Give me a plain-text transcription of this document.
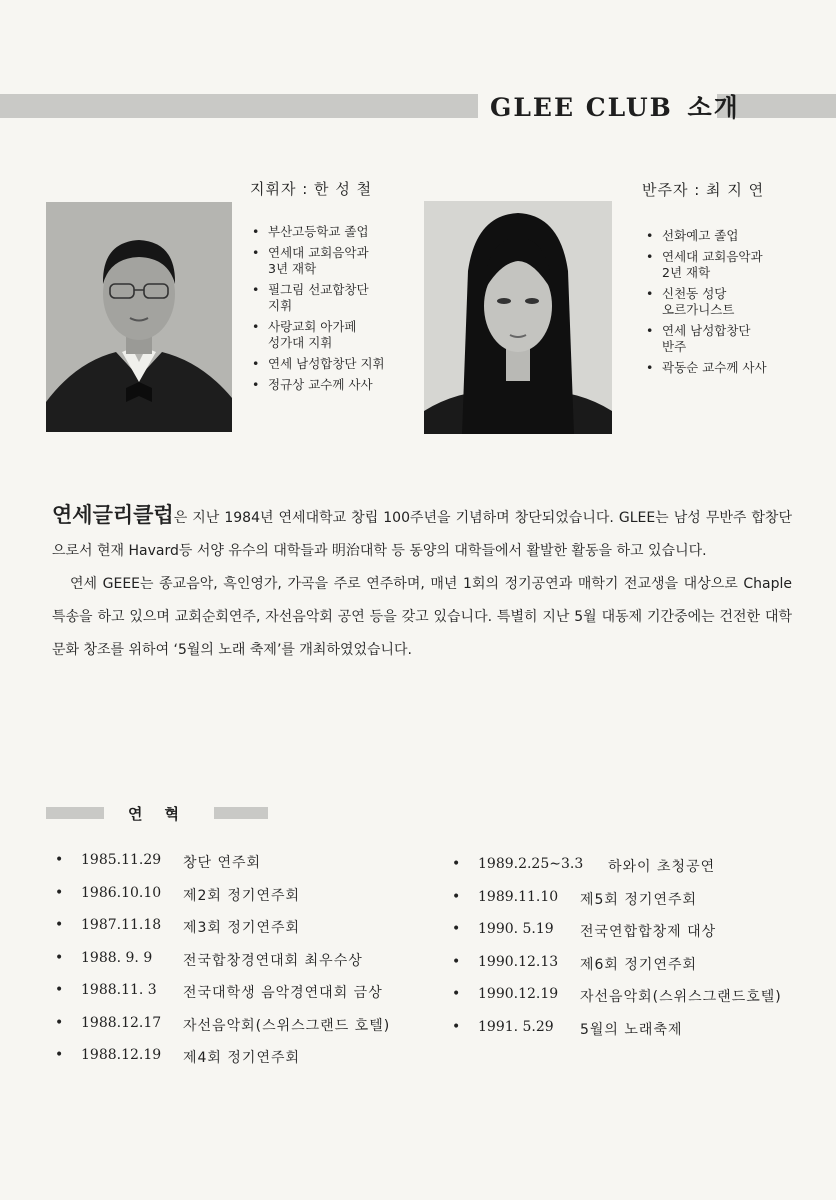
GLEE CLUB 소개
지휘자 : 한 성 철
• 부산고등학교 졸업
• 연세대 교회음악과
3년 재학
• 필그림 선교합창단
지휘
• 사랑교회 아가페
성가대 지휘
• 연세 남성합창단 지휘
• 정규상 교수께 사사
반주자 : 최 지 연
• 선화예고 졸업
• 연세대 교회음악과
2년 재학
• 신천동 성당
오르가니스트
• 연세 남성합창단
반주
• 곽동순 교수께 사사

연세글리클럽은 지난 1984년 연세대학교 창립 100주년을 기념하며 창단되었습니다. GLEE는 남성 무반주 합창단으로서 현재 Havard등 서양 유수의 대학들과 明治대학 등 동양의 대학들에서 활발한 활동을 하고 있습니다.

연세 GEEE는 종교음악, 흑인영가, 가곡을 주로 연주하며, 매년 1회의 정기공연과 매학기 전교생을 대상으로 Chaple 특송을 하고 있으며 교회순회연주, 자선음악회 공연 등을 갖고 있습니다. 특별히 지난 5월 대동제 기간중에는 건전한 대학문화 창조를 위하여 ‘5월의 노래 축제’를 개최하였었습니다.

연혁
• 1985.11.29 창단 연주회
• 1986.10.10 제2회 정기연주회
• 1987.11.18 제3회 정기연주회
• 1988. 9. 9 전국합창경연대회 최우수상
• 1988.11. 3 전국대학생 음악경연대회 금상
• 1988.12.17 자선음악회(스위스그랜드 호텔)
• 1988.12.19 제4회 정기연주회
• 1989.2.25∼3.3 하와이 초청공연
• 1989.11.10 제5회 정기연주회
• 1990. 5.19 전국연합합창제 대상
• 1990.12.13 제6회 정기연주회
• 1990.12.19 자선음악회(스위스그랜드호텔)
• 1991. 5.29 5월의 노래축제
